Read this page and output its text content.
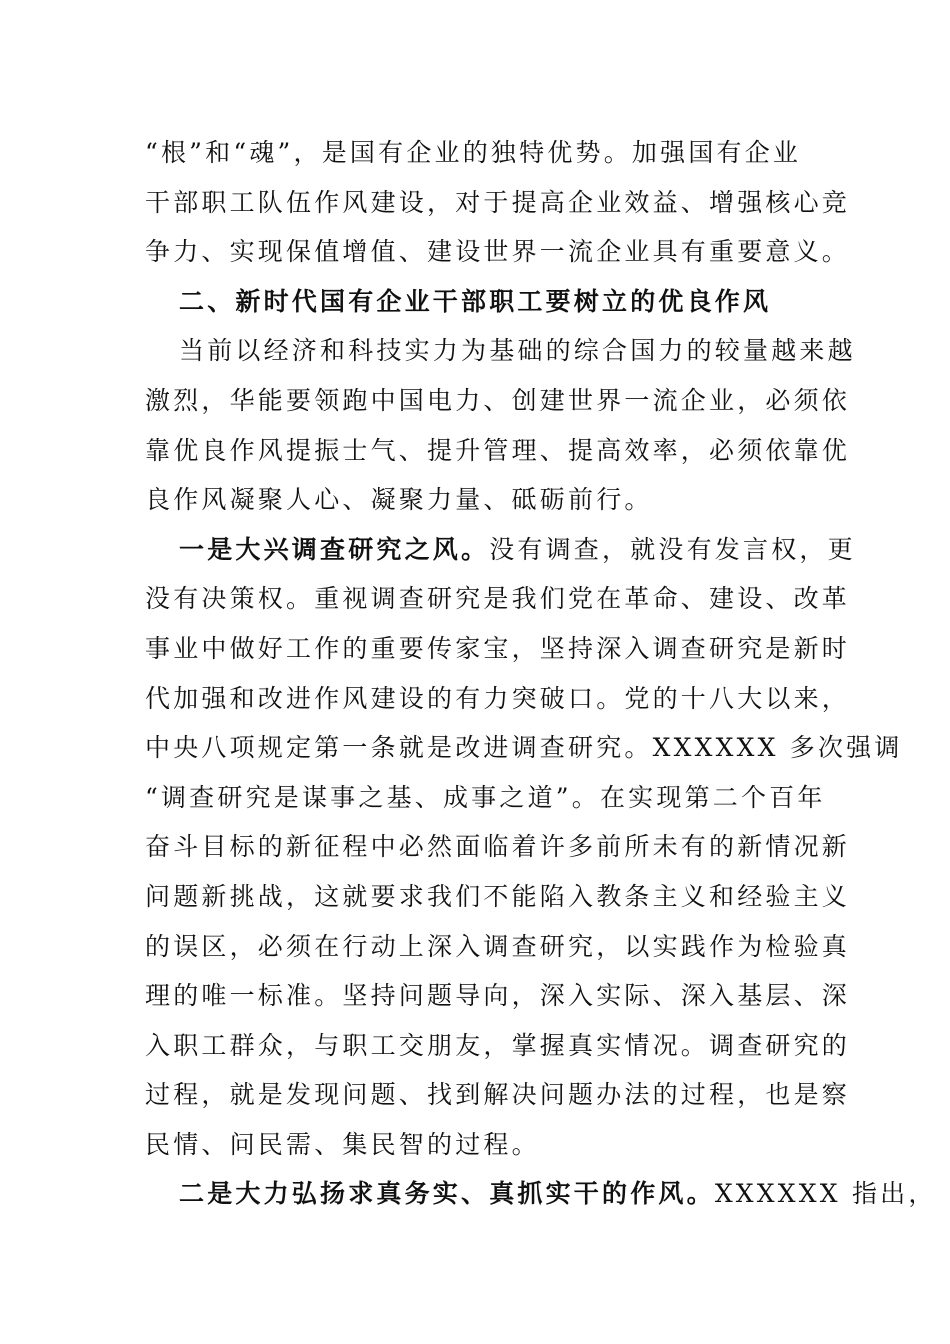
“根”和“魂”，是国有企业的独特优势。加强国有企业
干部职工队伍作风建设，对于提高企业效益、增强核心竞
争力、实现保值增值、建设世界一流企业具有重要意义。
二、新时代国有企业干部职工要树立的优良作风
当前以经济和科技实力为基础的综合国力的较量越来越
激烈，华能要领跑中国电力、创建世界一流企业，必须依
靠优良作风提振士气、提升管理、提高效率，必须依靠优
良作风凝聚人心、凝聚力量、砥砺前行。
一是大兴调查研究之风。没有调查，就没有发言权，更
没有决策权。重视调查研究是我们党在革命、建设、改革
事业中做好工作的重要传家宝，坚持深入调查研究是新时
代加强和改进作风建设的有力突破口。党的十八大以来，
中央八项规定第一条就是改进调查研究。XXXXXX 多次强调
“调查研究是谋事之基、成事之道”。在实现第二个百年
奋斗目标的新征程中必然面临着许多前所未有的新情况新
问题新挑战，这就要求我们不能陷入教条主义和经验主义
的误区，必须在行动上深入调查研究，以实践作为检验真
理的唯一标准。坚持问题导向，深入实际、深入基层、深
入职工群众，与职工交朋友，掌握真实情况。调查研究的
过程，就是发现问题、找到解决问题办法的过程，也是察
民情、问民需、集民智的过程。
二是大力弘扬求真务实、真抓实干的作风。XXXXXX 指出，
